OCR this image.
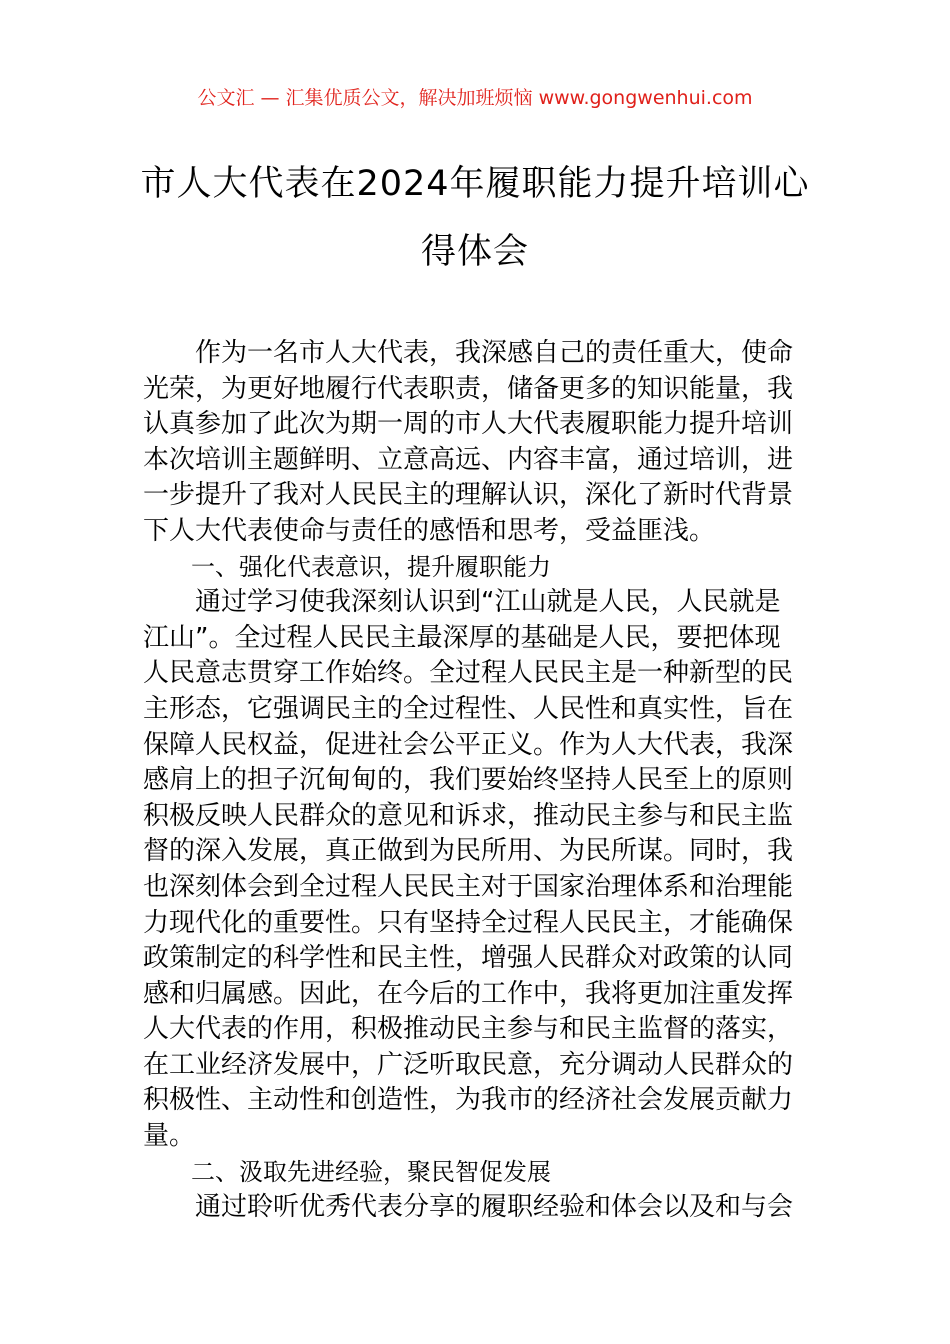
公文汇 — 汇集优质公文，解决加班烦恼 www.gongwenhui.com
市人大代表在2024年履职能力提升培训心
得体会
　　作为一名市人大代表，我深感自己的责任重大，使命
光荣，为更好地履行代表职责，储备更多的知识能量，我
认真参加了此次为期一周的市人大代表履职能力提升培训
本次培训主题鲜明、立意高远、内容丰富，通过培训，进
一步提升了我对人民民主的理解认识，深化了新时代背景
下人大代表使命与责任的感悟和思考，受益匪浅。
　　一、强化代表意识，提升履职能力
　　通过学习使我深刻认识到“江山就是人民，人民就是
江山”。全过程人民民主最深厚的基础是人民，要把体现
人民意志贯穿工作始终。全过程人民民主是一种新型的民
主形态，它强调民主的全过程性、人民性和真实性，旨在
保障人民权益，促进社会公平正义。作为人大代表，我深
感肩上的担子沉甸甸的，我们要始终坚持人民至上的原则
积极反映人民群众的意见和诉求，推动民主参与和民主监
督的深入发展，真正做到为民所用、为民所谋。同时，我
也深刻体会到全过程人民民主对于国家治理体系和治理能
力现代化的重要性。只有坚持全过程人民民主，才能确保
政策制定的科学性和民主性，增强人民群众对政策的认同
感和归属感。因此，在今后的工作中，我将更加注重发挥
人大代表的作用，积极推动民主参与和民主监督的落实，
在工业经济发展中，广泛听取民意，充分调动人民群众的
积极性、主动性和创造性，为我市的经济社会发展贡献力
量。
　　二、汲取先进经验，聚民智促发展
　　通过聆听优秀代表分享的履职经验和体会以及和与会
